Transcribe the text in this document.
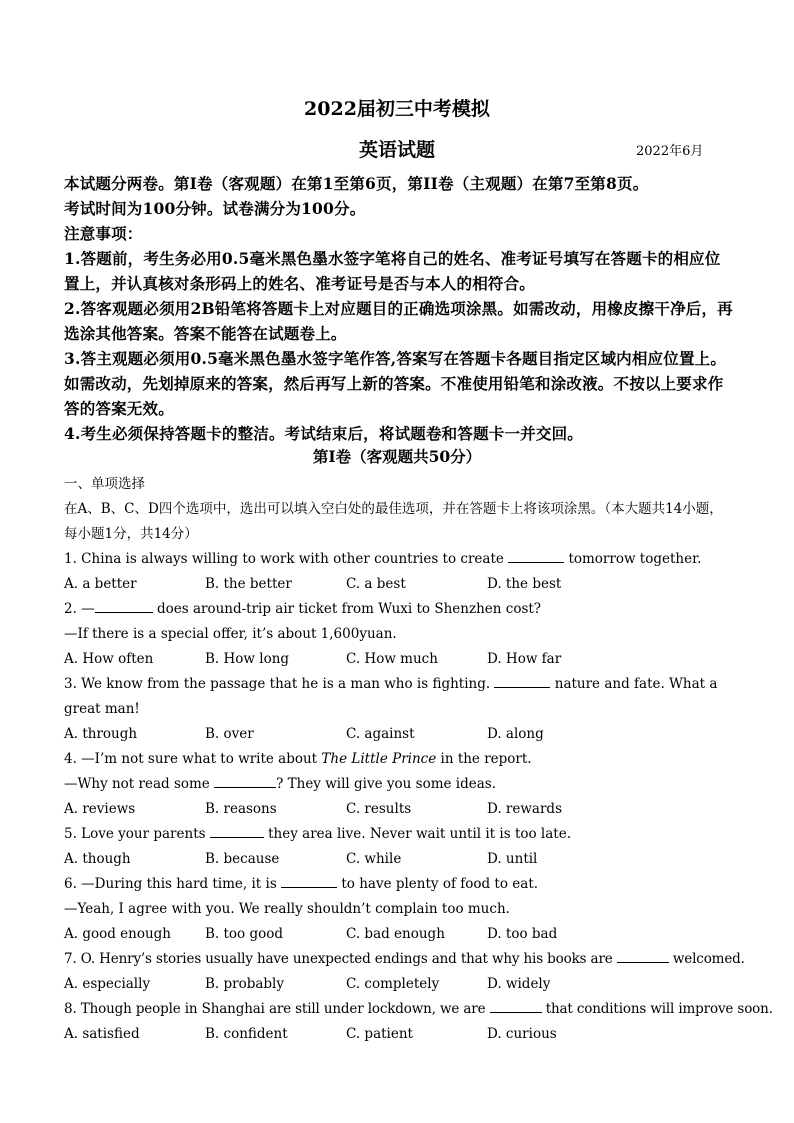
2022届初三中考模拟
英语试题	2022年6月

本试题分两卷。第I卷（客观题）在第1至第6页，第II卷（主观题）在第7至第8页。

考试时间为100分钟。试卷满分为100分。

注意事项：

1.答题前，考生务必用0.5毫米黑色墨水签字笔将自己的姓名、准考证号填写在答题卡的相应位置上，并认真核对条形码上的姓名、准考证号是否与本人的相符合。

2.答客观题必须用2B铅笔将答题卡上对应题目的正确选项涂黑。如需改动，用橡皮擦干净后，再选涂其他答案。答案不能答在试题卷上。

3.答主观题必须用0.5毫米黑色墨水签字笔作答,答案写在答题卡各题目指定区域内相应位置上。如需改动，先划掉原来的答案，然后再写上新的答案。不准使用铅笔和涂改液。不按以上要求作答的答案无效。

4.考生必须保持答题卡的整洁。考试结束后，将试题卷和答题卡一并交回。

第I卷（客观题共50分）

一、单项选择

在A、B、C、D四个选项中，选出可以填入空白处的最佳选项，并在答题卡上将该项涂黑。（本大题共14小题，每小题1分，共14分）

1. China is always willing to work with other countries to create	tomorrow together.

A. a better	B. the better	C. a best	D. the best

2. —	does around-trip air ticket from Wuxi to Shenzhen cost?

—If there is a special offer, it’s about 1,600yuan.

A. How often	B. How long	C. How much	D. How far

3. We know from the passage that he is a man who is fighting.	nature and fate. What a great man!

A. through	B. over	C. against	D. along

4. —I’m not sure what to write about The Little Prince in the report.

—Why not read some	? They will give you some ideas.

A. reviews	B. reasons	C. results	D. rewards

5. Love your parents	they area live. Never wait until it is too late.

A. though	B. because	C. while	D. until

6. —During this hard time, it is	to have plenty of food to eat.

—Yeah, I agree with you. We really shouldn’t complain too much.

A. good enough	B. too good	C. bad enough	D. too bad

7. O. Henry’s stories usually have unexpected endings and that why his books are	welcomed.

A. especially	B. probably	C. completely	D. widely

8. Though people in Shanghai are still under lockdown, we are	that conditions will improve soon.

A. satisfied	B. confident	C. patient	D. curious
